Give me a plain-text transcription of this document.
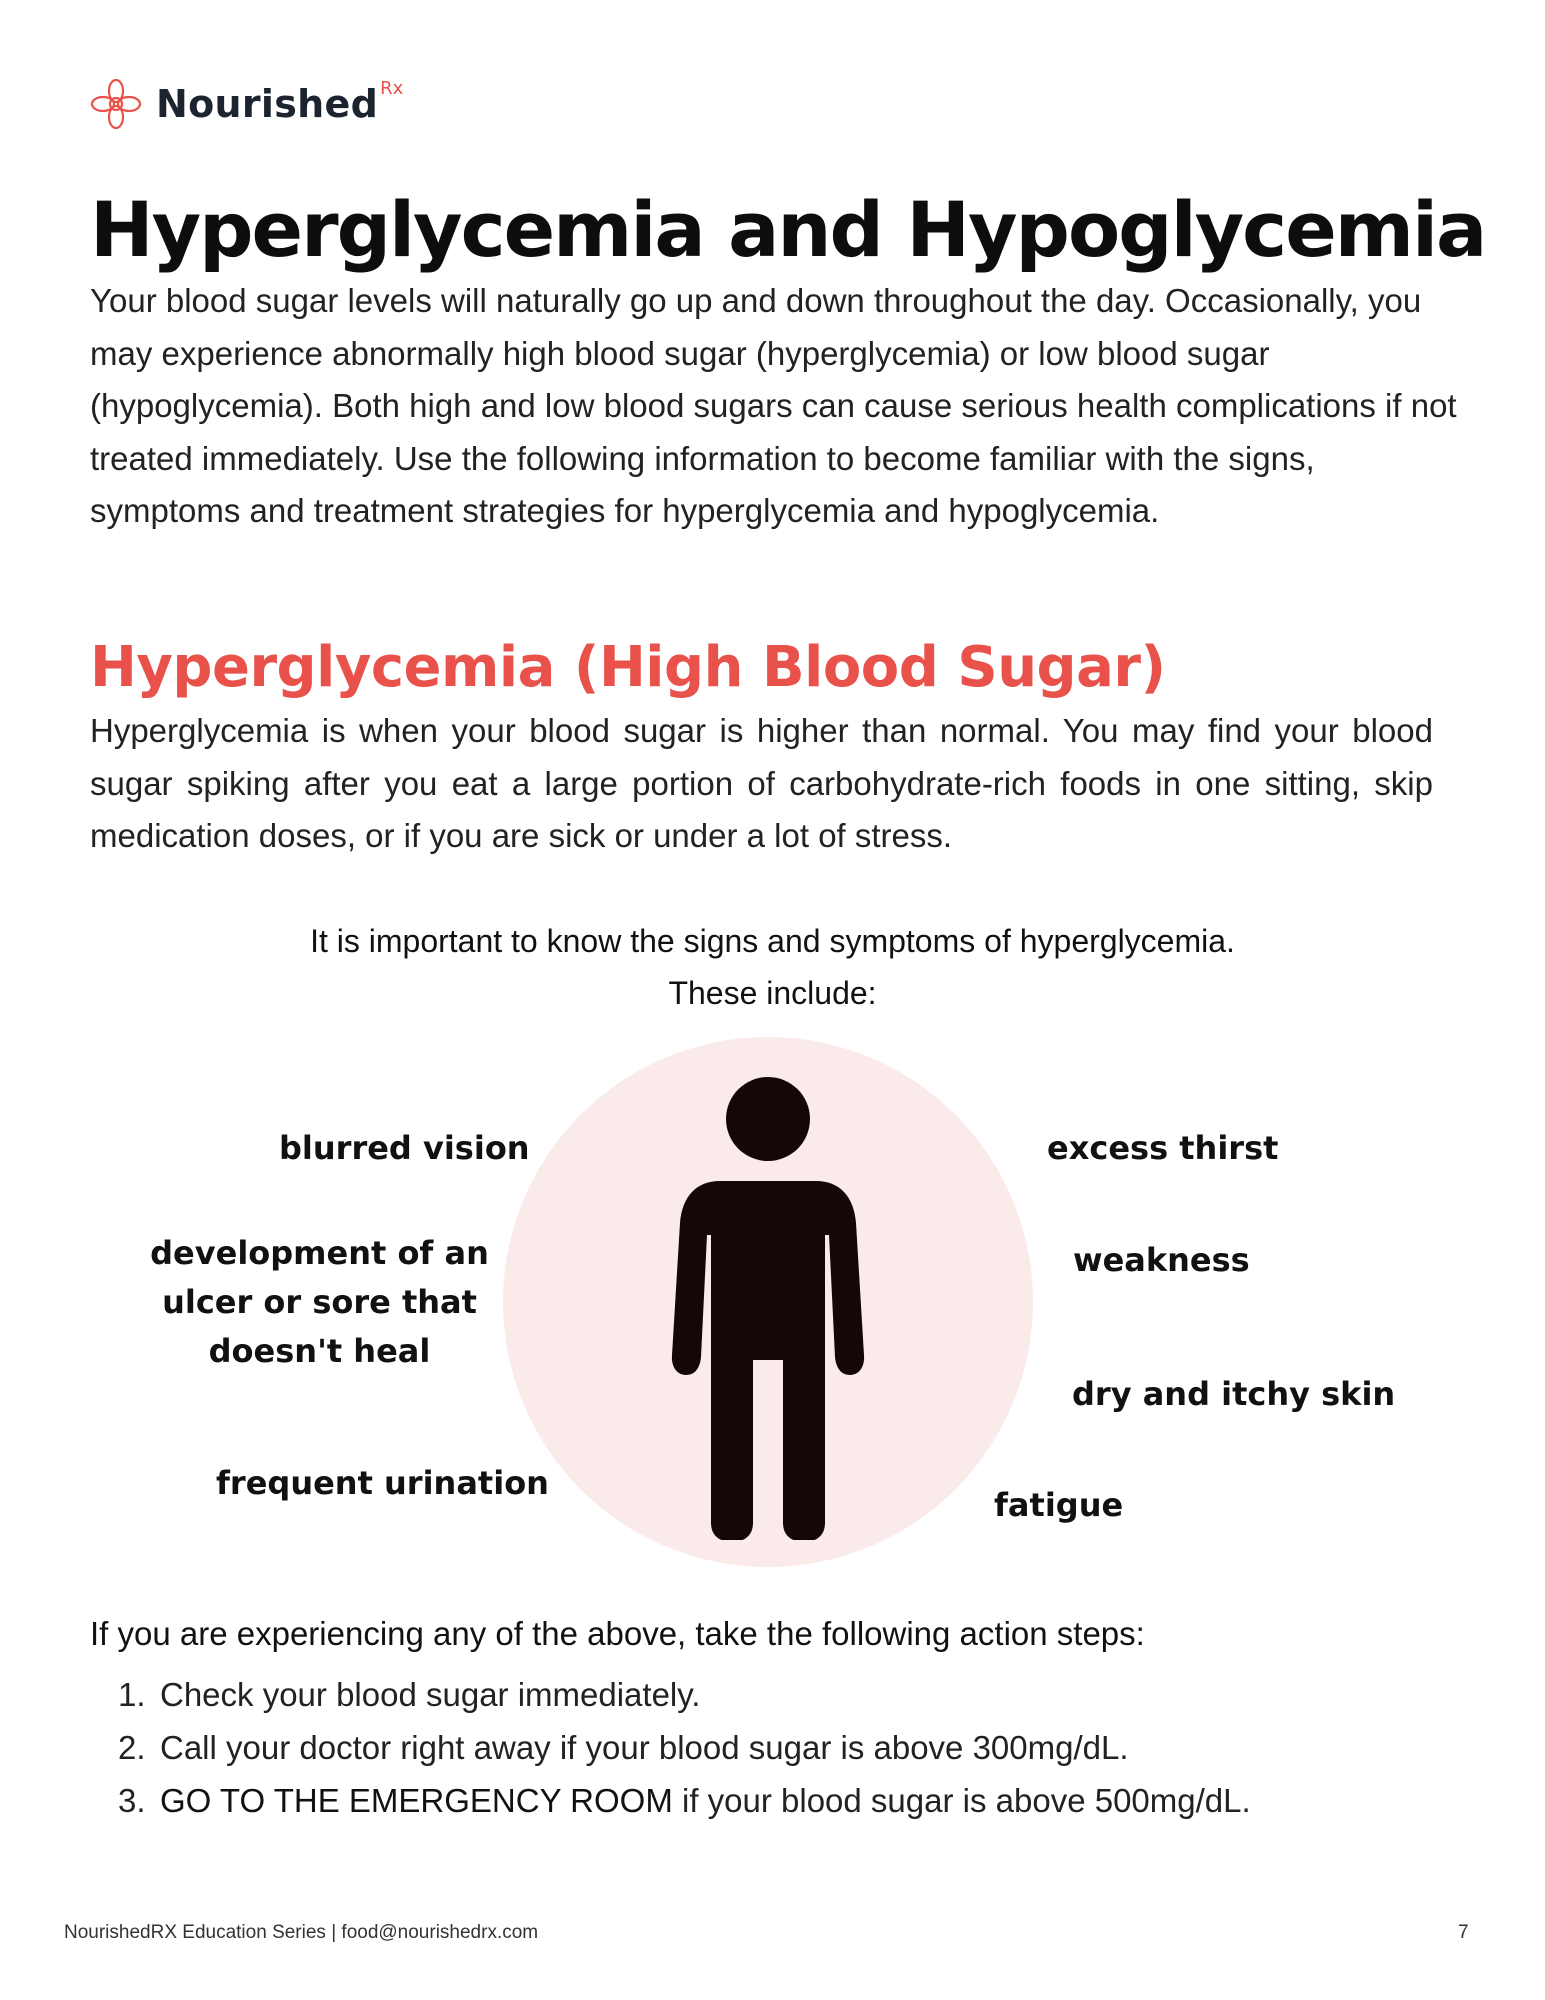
Nourished Rx
Hyperglycemia and Hypoglycemia

Your blood sugar levels will naturally go up and down throughout the day. Occasionally, you may experience abnormally high blood sugar (hyperglycemia) or low blood sugar (hypoglycemia). Both high and low blood sugars can cause serious health complications if not treated immediately. Use the following information to become familiar with the signs, symptoms and treatment strategies for hyperglycemia and hypoglycemia.

Hyperglycemia (High Blood Sugar)

Hyperglycemia is when your blood sugar is higher than normal. You may find your blood sugar spiking after you eat a large portion of carbohydrate-rich foods in one sitting, skip medication doses, or if you are sick or under a lot of stress.

It is important to know the signs and symptoms of hyperglycemia.
These include:
blurred vision
development of an ulcer or sore that doesn't heal
frequent urination
excess thirst
weakness
dry and itchy skin
fatigue
If you are experiencing any of the above, take the following action steps:
1. Check your blood sugar immediately.
2. Call your doctor right away if your blood sugar is above 300mg/dL.
3. GO TO THE EMERGENCY ROOM if your blood sugar is above 500mg/dL.
NourishedRX Education Series | food@nourishedrx.com	7
